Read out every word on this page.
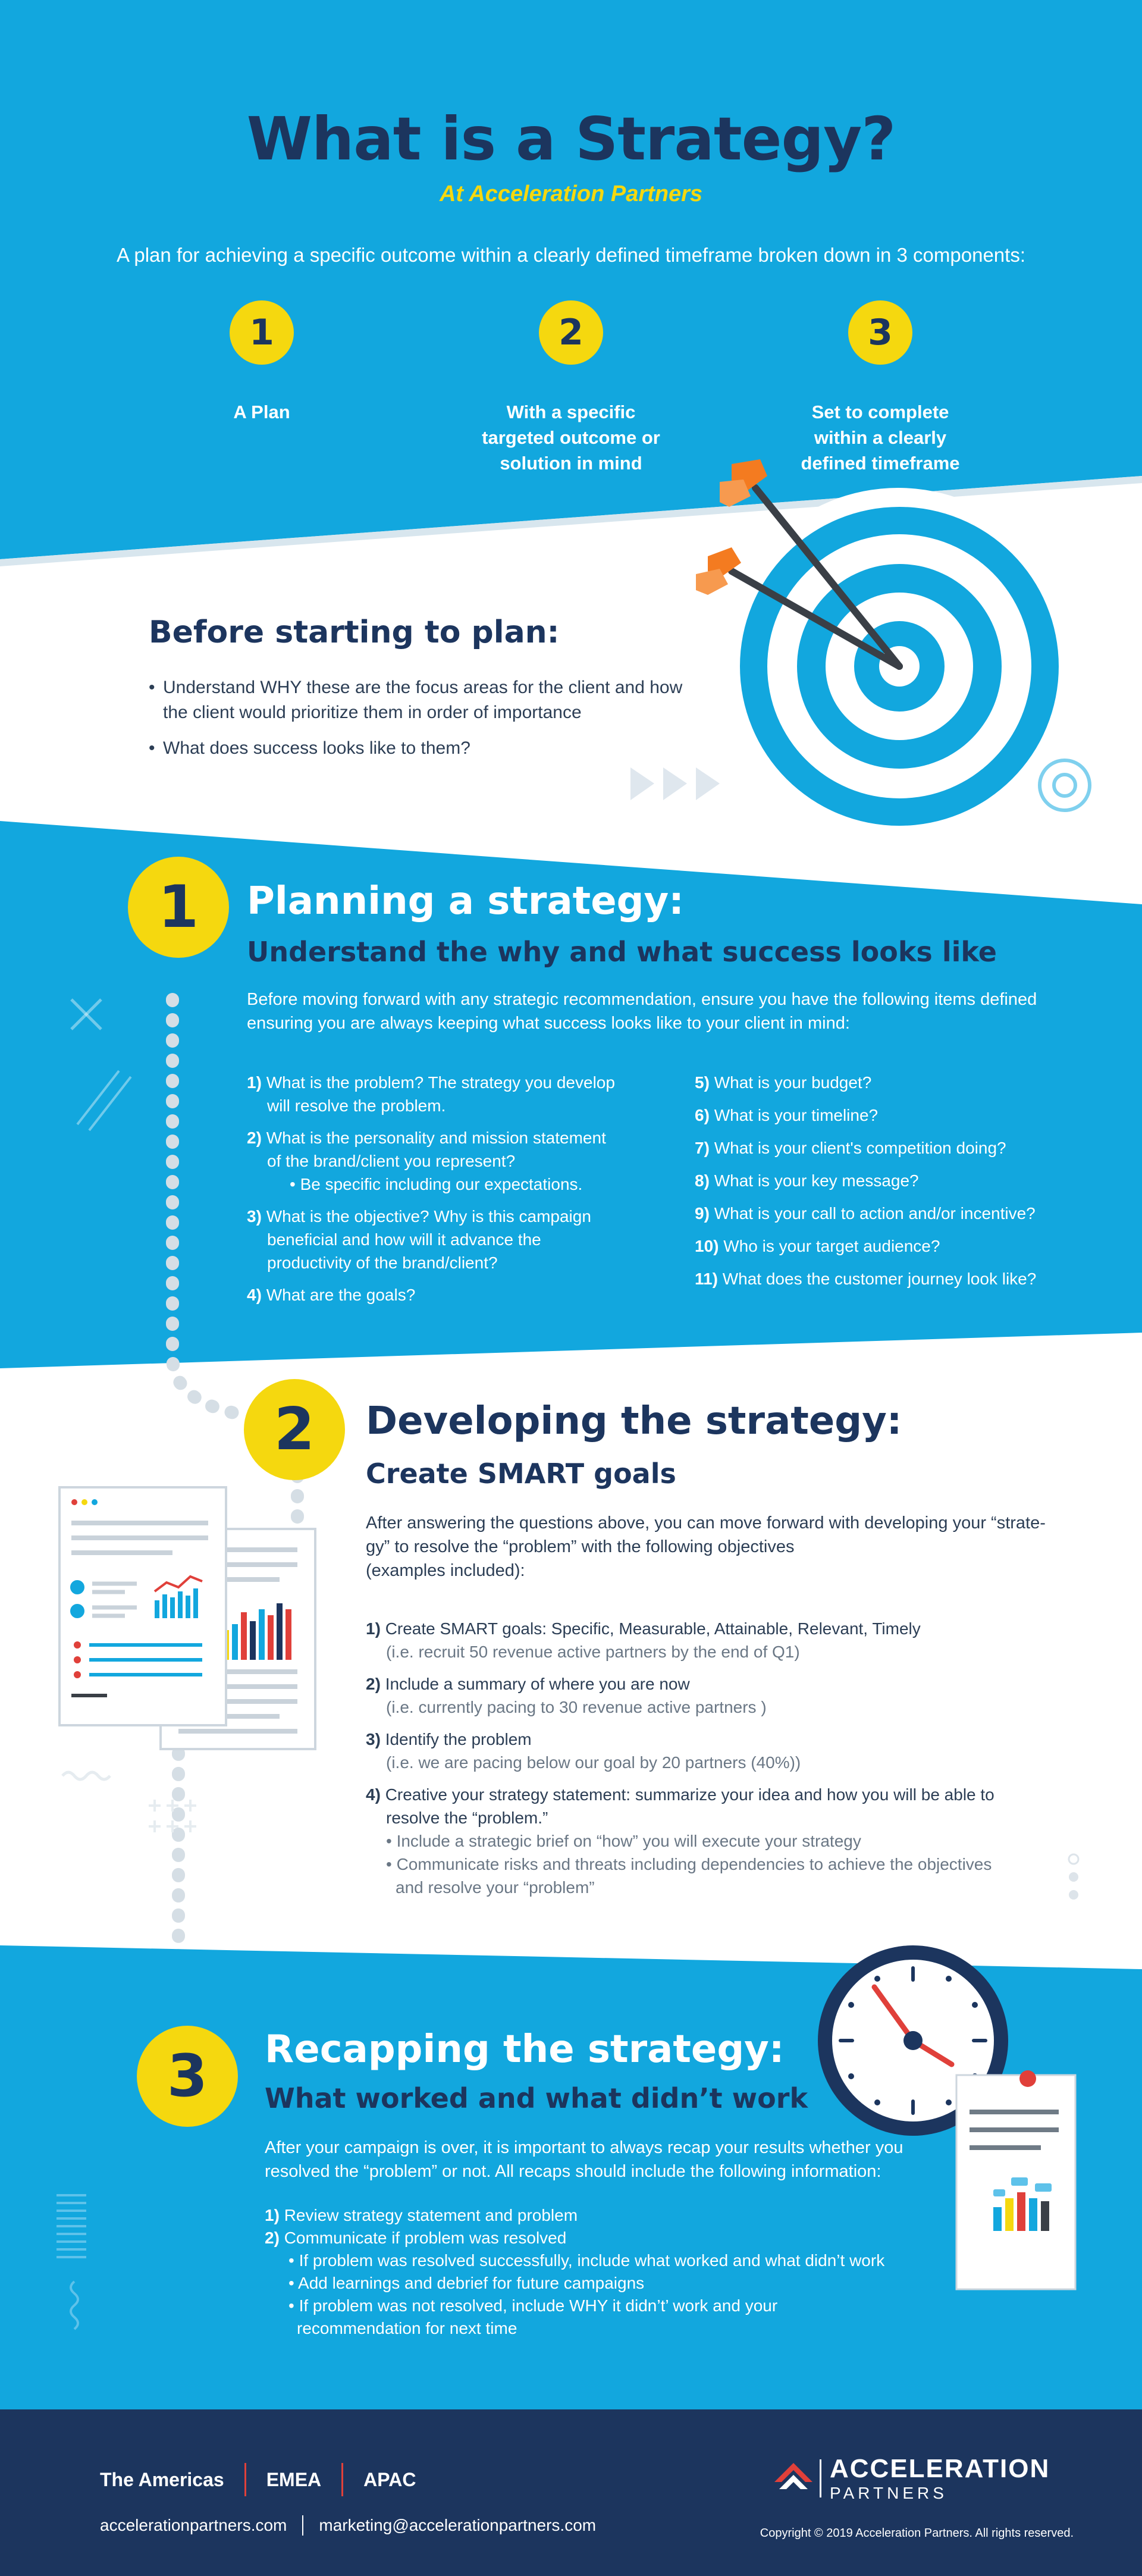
What is a Strategy?
At Acceleration Partners
A plan for achieving a specific outcome within a clearly defined timeframe broken down in 3 components:
1
A Plan
2
With a specific
targeted outcome or
solution in mind
3
Set to complete
within a clearly
defined timeframe
Before starting to plan:
• Understand WHY these are the focus areas for the client and how the client would prioritize them in order of importance
• What does success looks like to them?
1	Planning a strategy:
Understand the why and what success looks like
Before moving forward with any strategic recommendation, ensure you have the following items defined ensuring you are always keeping what success looks like to your client in mind:
1) What is the problem? The strategy you develop
will resolve the problem.
2) What is the personality and mission statement
of the brand/client you represent?
• Be specific including our expectations.
3) What is the objective? Why is this campaign
beneficial and how will it advance the
productivity of the brand/client?
4) What are the goals?
5) What is your budget?
6) What is your timeline?
7) What is your client's competition doing?
8) What is your key message?
9) What is your call to action and/or incentive?
10) Who is your target audience?
11) What does the customer journey look like?
2	Developing the strategy:
Create SMART goals
After answering the questions above, you can move forward with developing your “strate-
gy” to resolve the “problem” with the following objectives
(examples included):
1) Create SMART goals: Specific, Measurable, Attainable, Relevant, Timely
(i.e. recruit 50 revenue active partners by the end of Q1)
2) Include a summary of where you are now
(i.e. currently pacing to 30 revenue active partners )
3) Identify the problem
(i.e. we are pacing below our goal by 20 partners (40%))
4) Creative your strategy statement: summarize your idea and how you will be able to
resolve the “problem.”
• Include a strategic brief on “how” you will execute your strategy
• Communicate risks and threats including dependencies to achieve the objectives
and resolve your “problem”
3	Recapping the strategy:
What worked and what didn’t work
After your campaign is over, it is important to always recap your results whether you
resolved the “problem” or not. All recaps should include the following information:
1) Review strategy statement and problem
2) Communicate if problem was resolved
• If problem was resolved successfully, include what worked and what didn’t work
• Add learnings and debrief for future campaigns
• If problem was not resolved, include WHY it didn’t’ work and your
recommendation for next time
The Americas EMEA APAC
accelerationpartners.com marketing@accelerationpartners.com
ACCELERATION
PARTNERS
Copyright © 2019 Acceleration Partners. All rights reserved.
